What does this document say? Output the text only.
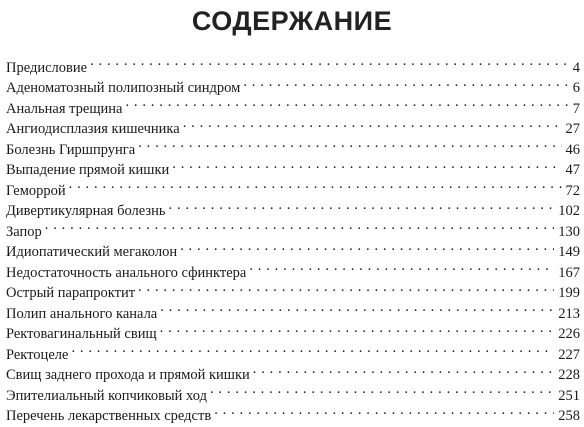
СОДЕРЖАНИЕ
Предисловие . . .	4
Аденоматозный полипозный синдром . . .	6
Анальная трещина . . .	7
Ангиодисплазия кишечника . . .	27
Болезнь Гиршпрунга . . .	46
Выпадение прямой кишки . . .	47
Геморрой . . .	72
Дивертикулярная болезнь . . .	102
Запор . . .	130
Идиопатический мегаколон . . .	149
Недостаточность анального сфинктера . . .	167
Острый парапроктит . . .	199
Полип анального канала . . .	213
Ректовагинальный свищ . . .	226
Ректоцеле . . .	227
Свищ заднего прохода и прямой кишки . . .	228
Эпителиальный копчиковый ход . . .	251
Перечень лекарственных средств . . .	258
